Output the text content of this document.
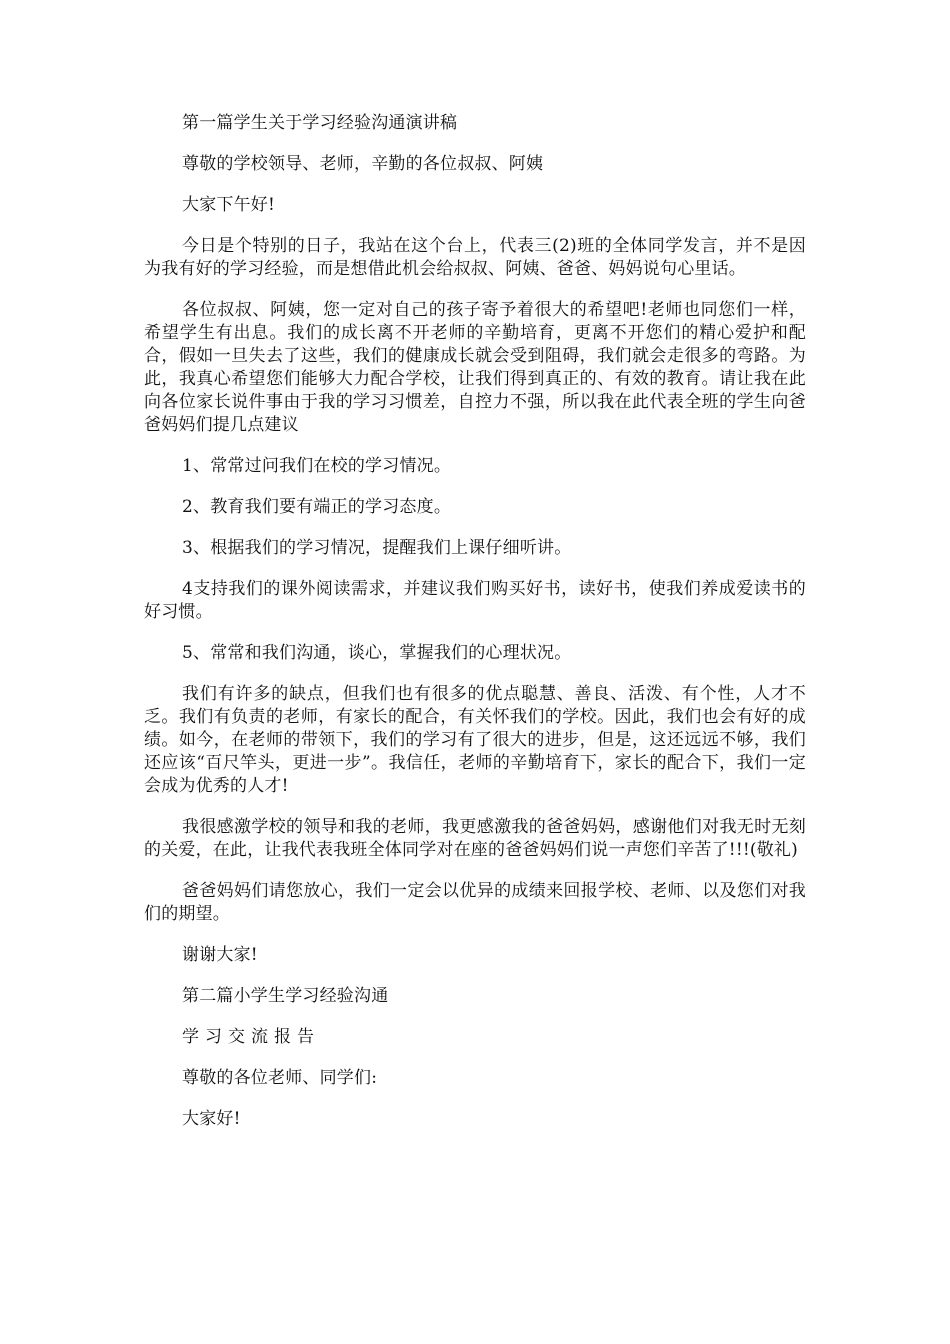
第一篇学生关于学习经验沟通演讲稿

尊敬的学校领导、老师，辛勤的各位叔叔、阿姨

大家下午好!

今日是个特别的日子，我站在这个台上，代表三(2)班的全体同学发言，并不是因为我有好的学习经验，而是想借此机会给叔叔、阿姨、爸爸、妈妈说句心里话。

各位叔叔、阿姨，您一定对自己的孩子寄予着很大的希望吧!老师也同您们一样，希望学生有出息。我们的成长离不开老师的辛勤培育，更离不开您们的精心爱护和配合，假如一旦失去了这些，我们的健康成长就会受到阻碍，我们就会走很多的弯路。为此，我真心希望您们能够大力配合学校，让我们得到真正的、有效的教育。请让我在此向各位家长说件事由于我的学习习惯差，自控力不强，所以我在此代表全班的学生向爸爸妈妈们提几点建议

1、常常过问我们在校的学习情况。

2、教育我们要有端正的学习态度。

3、根据我们的学习情况，提醒我们上课仔细听讲。

4支持我们的课外阅读需求，并建议我们购买好书，读好书，使我们养成爱读书的好习惯。

5、常常和我们沟通，谈心，掌握我们的心理状况。

我们有许多的缺点，但我们也有很多的优点聪慧、善良、活泼、有个性，人才不乏。我们有负责的老师，有家长的配合，有关怀我们的学校。因此，我们也会有好的成绩。如今，在老师的带领下，我们的学习有了很大的进步，但是，这还远远不够，我们还应该“百尺竿头，更进一步”。我信任，老师的辛勤培育下，家长的配合下，我们一定会成为优秀的人才!

我很感激学校的领导和我的老师，我更感激我的爸爸妈妈，感谢他们对我无时无刻的关爱，在此，让我代表我班全体同学对在座的爸爸妈妈们说一声您们辛苦了!!!(敬礼)

爸爸妈妈们请您放心，我们一定会以优异的成绩来回报学校、老师、以及您们对我们的期望。

谢谢大家!

第二篇小学生学习经验沟通

学习交流报告

尊敬的各位老师、同学们:

大家好!
